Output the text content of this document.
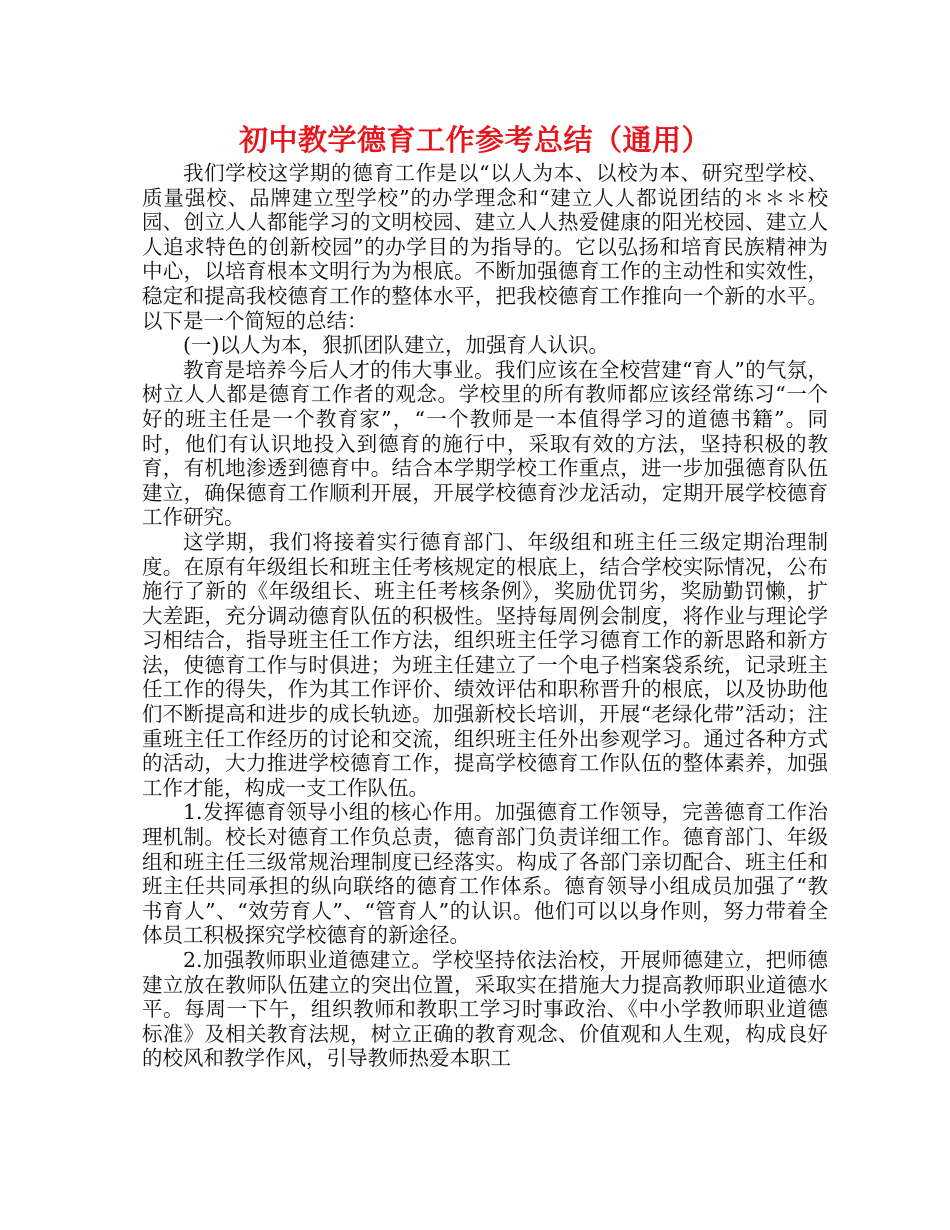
初中教学德育工作参考总结（通用）

我们学校这学期的德育工作是以“以人为本、以校为本、研究型学校、质量强校、品牌建立型学校”的办学理念和“建立人人都说团结的＊＊＊校园、创立人人都能学习的文明校园、建立人人热爱健康的阳光校园、建立人人追求特色的创新校园”的办学目的为指导的。它以弘扬和培育民族精神为中心，以培育根本文明行为为根底。不断加强德育工作的主动性和实效性，稳定和提高我校德育工作的整体水平，把我校德育工作推向一个新的水平。以下是一个简短的总结：

(一)以人为本，狠抓团队建立，加强育人认识。

教育是培养今后人才的伟大事业。我们应该在全校营建“育人”的气氛，树立人人都是德育工作者的观念。学校里的所有教师都应该经常练习“一个好的班主任是一个教育家”，“一个教师是一本值得学习的道德书籍”。同时，他们有认识地投入到德育的施行中，采取有效的方法，坚持积极的教育，有机地渗透到德育中。结合本学期学校工作重点，进一步加强德育队伍建立，确保德育工作顺利开展，开展学校德育沙龙活动，定期开展学校德育工作研究。

这学期，我们将接着实行德育部门、年级组和班主任三级定期治理制度。在原有年级组长和班主任考核规定的根底上，结合学校实际情况，公布施行了新的《年级组长、班主任考核条例》，奖励优罚劣，奖励勤罚懒，扩大差距，充分调动德育队伍的积极性。坚持每周例会制度，将作业与理论学习相结合，指导班主任工作方法，组织班主任学习德育工作的新思路和新方法，使德育工作与时俱进；为班主任建立了一个电子档案袋系统，记录班主任工作的得失，作为其工作评价、绩效评估和职称晋升的根底，以及协助他们不断提高和进步的成长轨迹。加强新校长培训，开展“老绿化带”活动；注重班主任工作经历的讨论和交流，组织班主任外出参观学习。通过各种方式的活动，大力推进学校德育工作，提高学校德育工作队伍的整体素养，加强工作才能，构成一支工作队伍。

1.发挥德育领导小组的核心作用。加强德育工作领导，完善德育工作治理机制。校长对德育工作负总责，德育部门负责详细工作。德育部门、年级组和班主任三级常规治理制度已经落实。构成了各部门亲切配合、班主任和班主任共同承担的纵向联络的德育工作体系。德育领导小组成员加强了“教书育人”、“效劳育人”、“管育人”的认识。他们可以以身作则，努力带着全体员工积极探究学校德育的新途径。

2.加强教师职业道德建立。学校坚持依法治校，开展师德建立，把师德建立放在教师队伍建立的突出位置，采取实在措施大力提高教师职业道德水平。每周一下午，组织教师和教职工学习时事政治、《中小学教师职业道德标准》及相关教育法规，树立正确的教育观念、价值观和人生观，构成良好的校风和教学作风，引导教师热爱本职工
